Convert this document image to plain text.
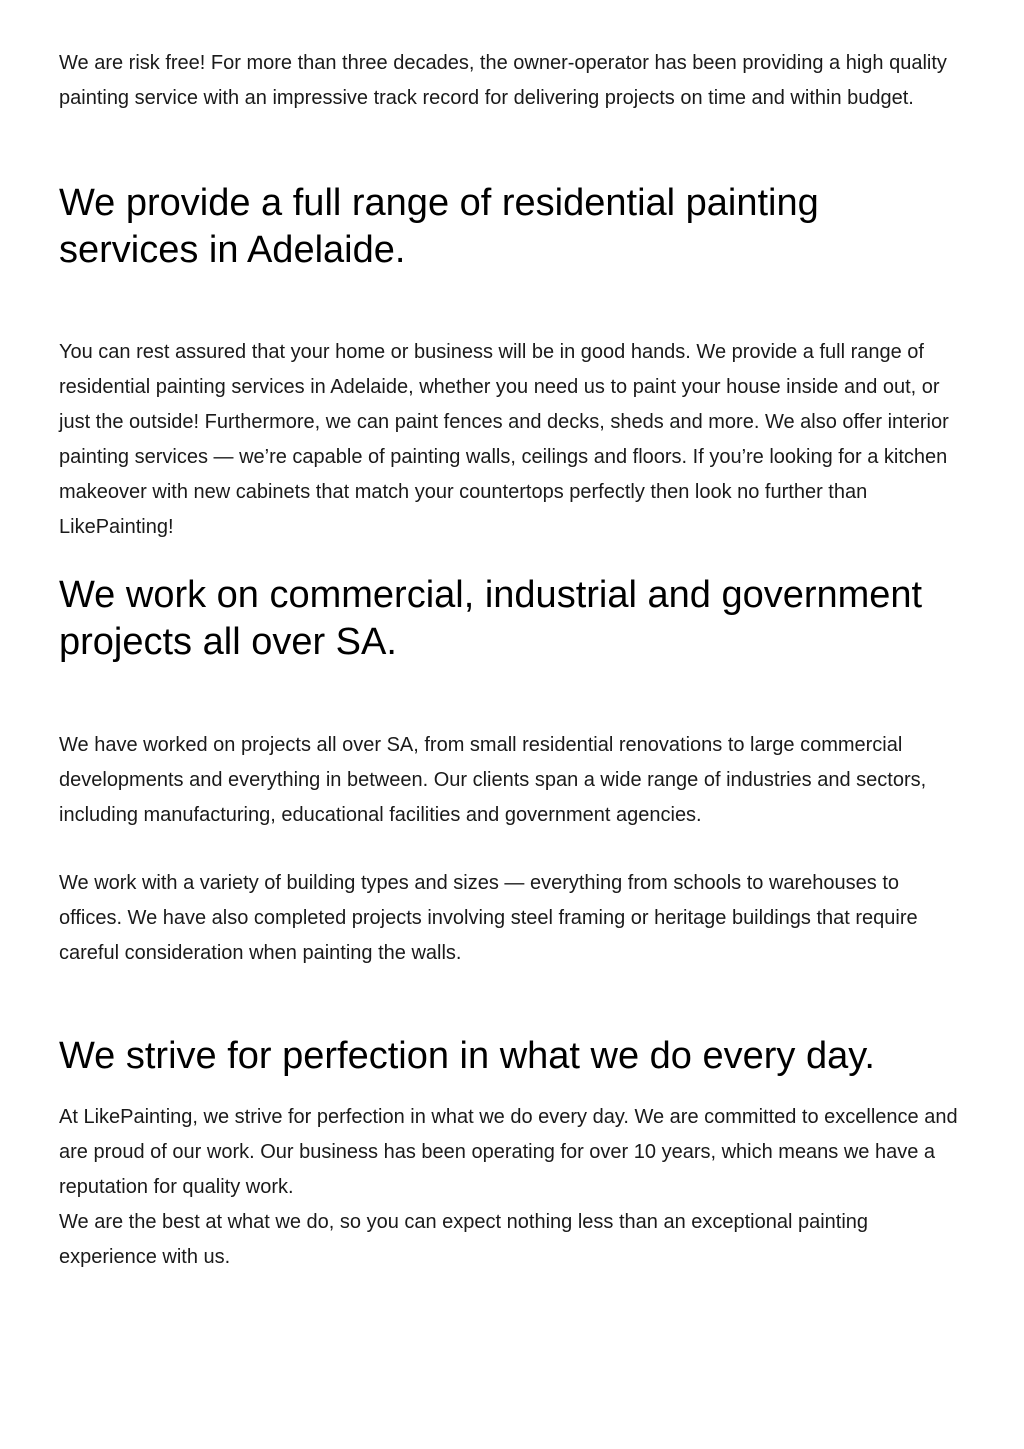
We are risk free! For more than three decades, the owner-operator has been providing a high quality painting service with an impressive track record for delivering projects on time and within budget.

We provide a full range of residential painting services in Adelaide.

You can rest assured that your home or business will be in good hands. We provide a full range of residential painting services in Adelaide, whether you need us to paint your house inside and out, or just the outside! Furthermore, we can paint fences and decks, sheds and more. We also offer interior painting services — we’re capable of painting walls, ceilings and floors. If you’re looking for a kitchen makeover with new cabinets that match your countertops perfectly then look no further than LikePainting!

We work on commercial, industrial and government projects all over SA.

We have worked on projects all over SA, from small residential renovations to large commercial developments and everything in between. Our clients span a wide range of industries and sectors, including manufacturing, educational facilities and government agencies.

We work with a variety of building types and sizes — everything from schools to warehouses to offices. We have also completed projects involving steel framing or heritage buildings that require careful consideration when painting the walls.

We strive for perfection in what we do every day.

At LikePainting, we strive for perfection in what we do every day. We are committed to excellence and are proud of our work. Our business has been operating for over 10 years, which means we have a reputation for quality work.

We are the best at what we do, so you can expect nothing less than an exceptional painting experience with us.
